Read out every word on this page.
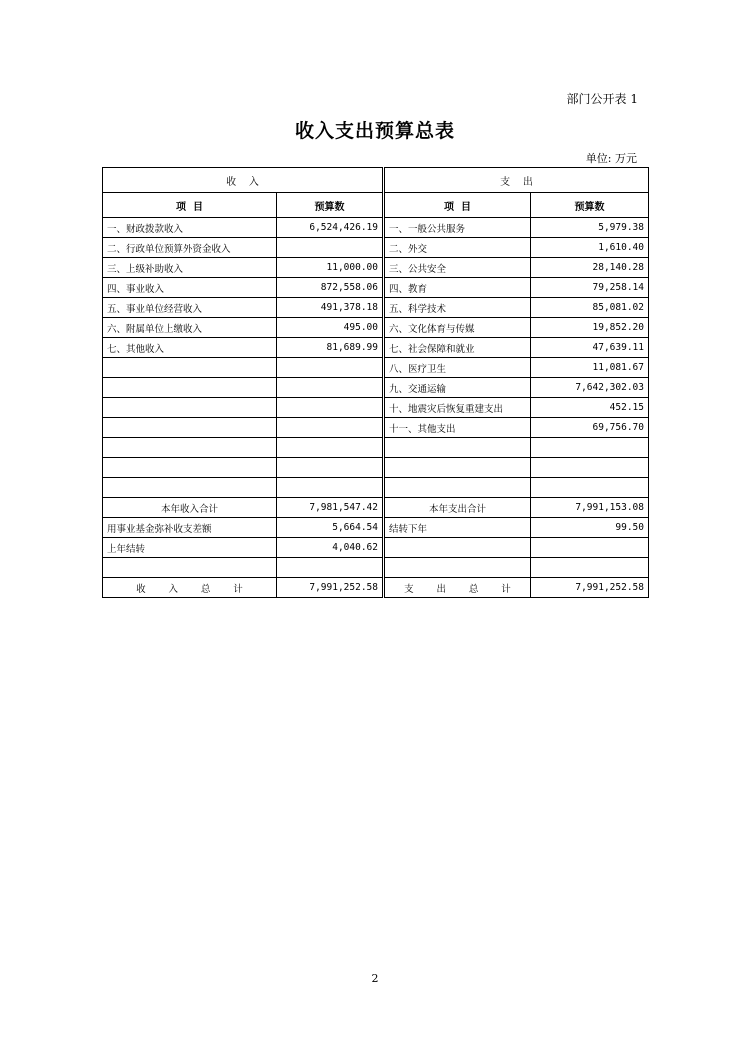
部门公开表 1
收入支出预算总表
单位: 万元
收    入			支    出	
项  目	预算数		项  目	预算数
一、财政拨款收入	6,524,426.19		一、一般公共服务	5,979.38
二、行政单位预算外资金收入			二、外交	1,610.40
三、上级补助收入	11,000.00		三、公共安全	28,140.28
四、事业收入	872,558.06		四、教育	79,258.14
五、事业单位经营收入	491,378.18		五、科学技术	85,081.02
六、附属单位上缴收入	495.00		六、文化体育与传媒	19,852.20
七、其他收入	81,689.99		七、社会保障和就业	47,639.11
			八、医疗卫生	11,081.67
			九、交通运输	7,642,302.03
			十、地震灾后恢复重建支出	452.15
			十一、其他支出	69,756.70

本年收入合计	7,981,547.42		本年支出合计	7,991,153.08
用事业基金弥补收支差额	5,664.54		结转下年	99.50
上年结转	4,040.62			

收    入    总    计	7,991,252.58		支    出    总    计	7,991,252.58
2
